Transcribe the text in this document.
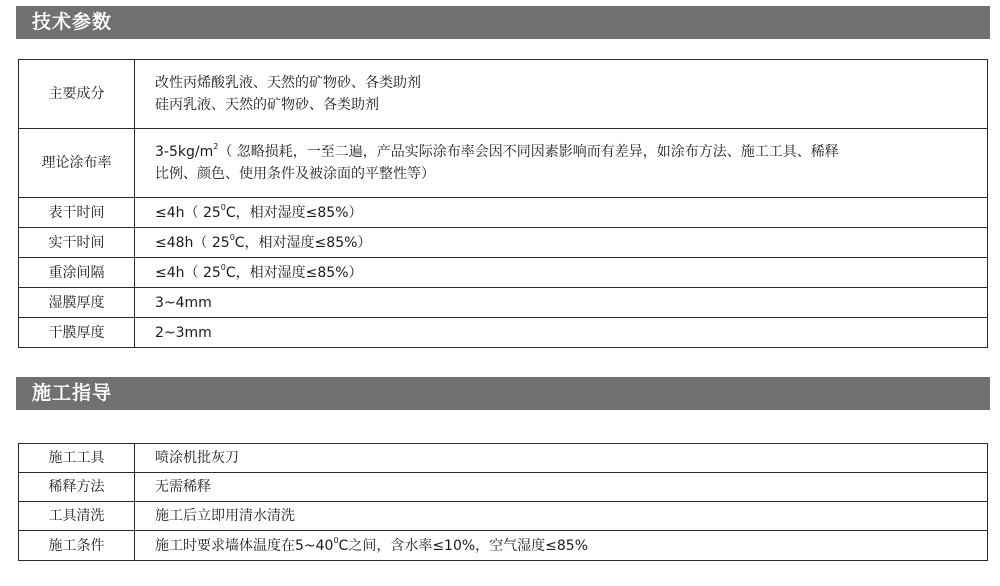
技术参数
主要成分	改性丙烯酸乳液、天然的矿物砂、各类助剂
硅丙乳液、天然的矿物砂、各类助剂

理论涂布率	$3-5kg/m^2$（ 忽略损耗，一至二遍，产品实际涂布率会因不同因素影响而有差异，如涂布方法、施工工具、稀释
比例、颜色、使用条件及被涂面的平整性等）

表干时间	≤4h（ $25^0C$，相对湿度≤85%）
实干时间	≤48h（ $25^0C$，相对湿度≤85%）
重涂间隔	≤4h（ $25^0C$，相对湿度≤85%）
湿膜厚度	3~4mm
干膜厚度	2~3mm
施工指导
施工工具	喷涂机批灰刀
稀释方法	无需稀释
工具清洗	施工后立即用清水清洗
施工条件	施工时要求墙体温度在$5\sim 40^0C$之间，含水率≤10%，空气湿度≤85%
